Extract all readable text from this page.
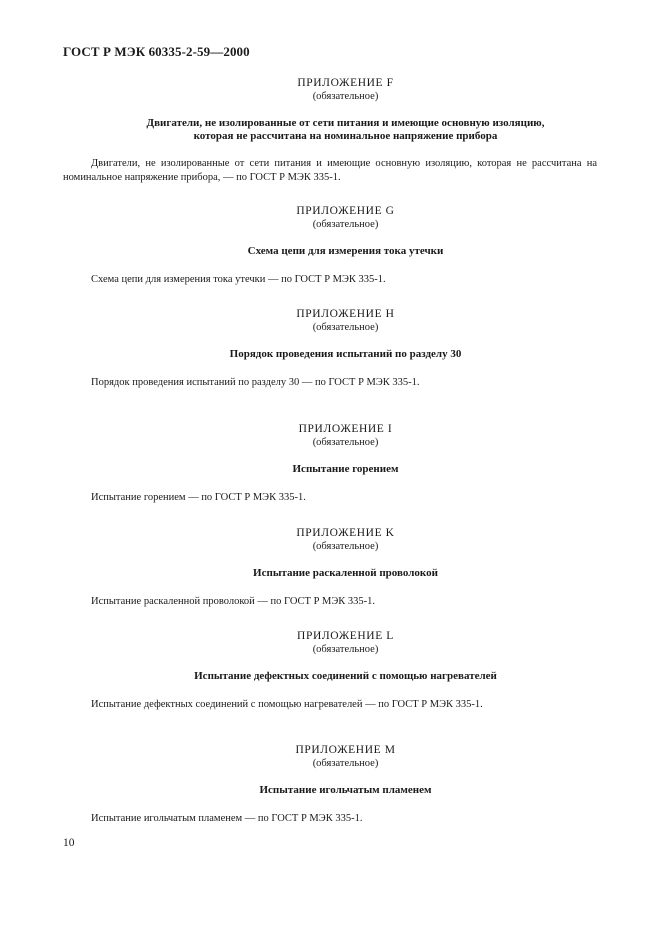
ГОСТ Р МЭК 60335-2-59—2000
ПРИЛОЖЕНИЕ F
(обязательное)
Двигатели, не изолированные от сети питания и имеющие основную изоляцию,
которая не рассчитана на номинальное напряжение прибора

Двигатели, не изолированные от сети питания и имеющие основную изоляцию, которая не рассчитана на номинальное напряжение прибора, — по ГОСТ Р МЭК 335-1.

ПРИЛОЖЕНИЕ G
(обязательное)
Схема цепи для измерения тока утечки

Схема цепи для измерения тока утечки — по ГОСТ Р МЭК 335-1.

ПРИЛОЖЕНИЕ H
(обязательное)
Порядок проведения испытаний по разделу 30

Порядок проведения испытаний по разделу 30 — по ГОСТ Р МЭК 335-1.

ПРИЛОЖЕНИЕ I
(обязательное)
Испытание горением

Испытание горением — по ГОСТ Р МЭК 335-1.

ПРИЛОЖЕНИЕ K
(обязательное)
Испытание раскаленной проволокой

Испытание раскаленной проволокой — по ГОСТ Р МЭК 335-1.

ПРИЛОЖЕНИЕ L
(обязательное)
Испытание дефектных соединений с помощью нагревателей

Испытание дефектных соединений с помощью нагревателей — по ГОСТ Р МЭК 335-1.

ПРИЛОЖЕНИЕ M
(обязательное)
Испытание игольчатым пламенем

Испытание игольчатым пламенем — по ГОСТ Р МЭК 335-1.

10
